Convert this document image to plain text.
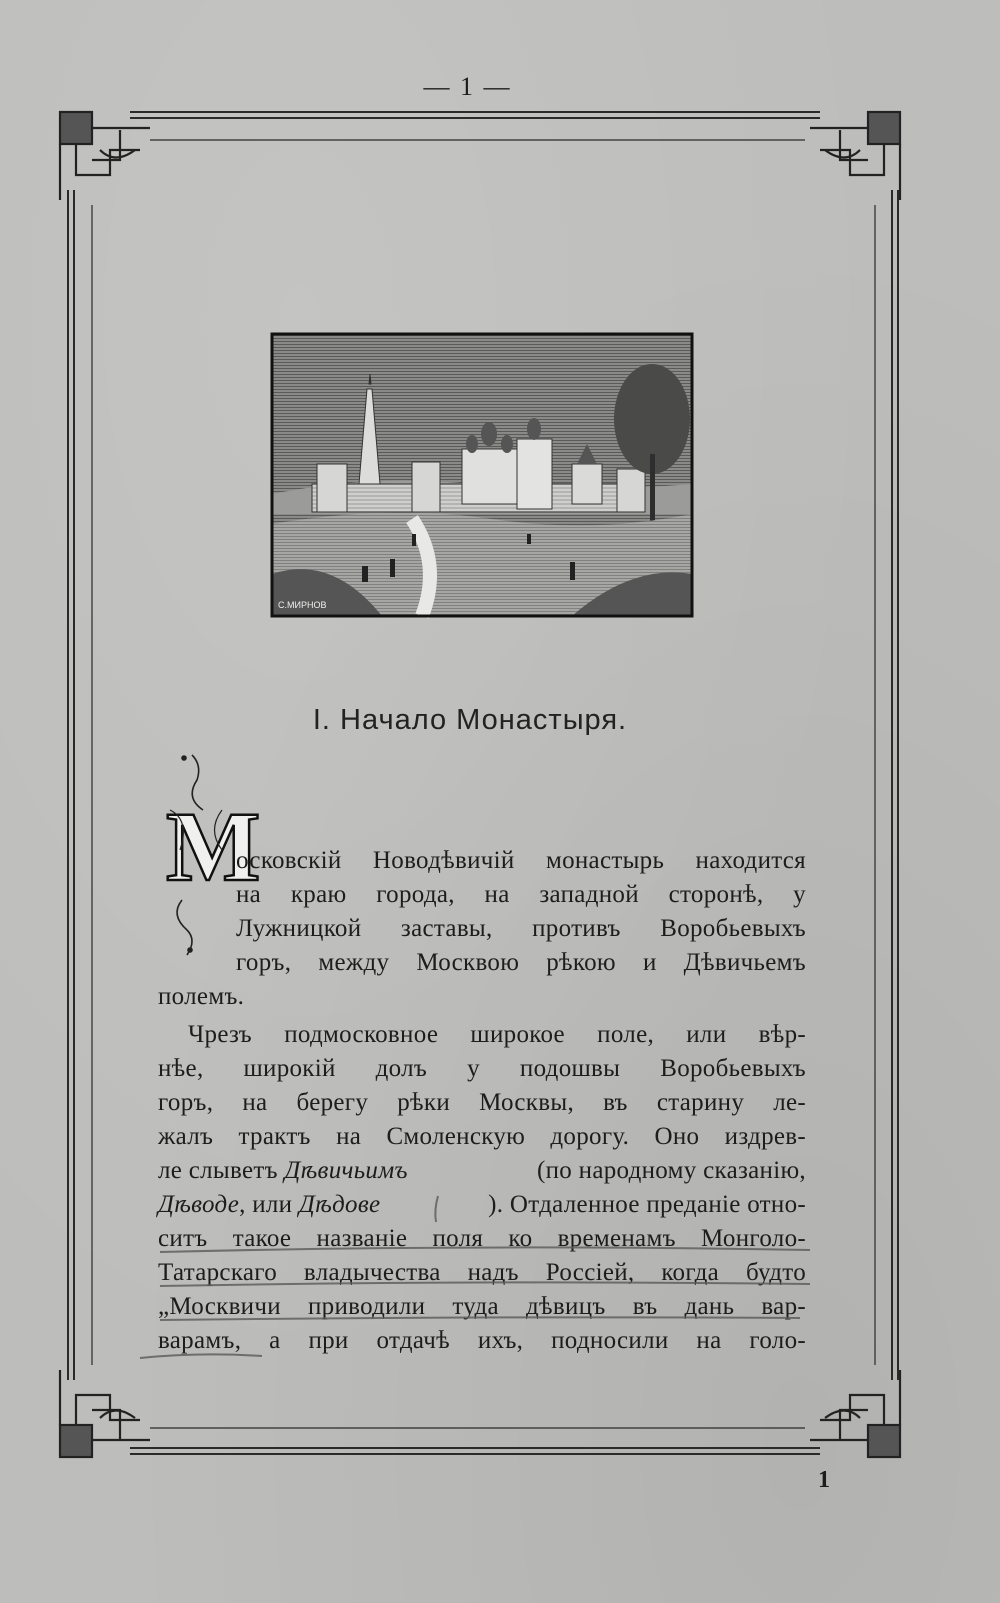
— 1 —
С.МИРНОВ
I. Начало Монастыря.
М
осковскій Новодѣвичій монастырь находится
на краю города, на западной сторонѣ, у
Лужницкой заставы, противъ Воробьевыхъ
горъ, между Москвою рѣкою и Дѣвичьемъ
полемъ.
Чрезъ подмосковное широкое поле, или вѣр-
нѣе, широкій долъ у подошвы Воробьевыхъ
горъ, на берегу рѣки Москвы, въ старину ле-
жалъ трактъ на Смоленскую дорогу. Оно издрев-
ле слыветъ Дѣвичьимъ	(по народному сказанію,
Дѣводе, или Дѣдове	). Отдаленное преданіе отно-
ситъ такое названіе поля ко временамъ Монголо-
Татарскаго владычества надъ Россіей, когда будто
„Москвичи приводили туда дѣвицъ въ дань вар-
варамъ, а при отдачѣ ихъ, подносили на голо-
1
